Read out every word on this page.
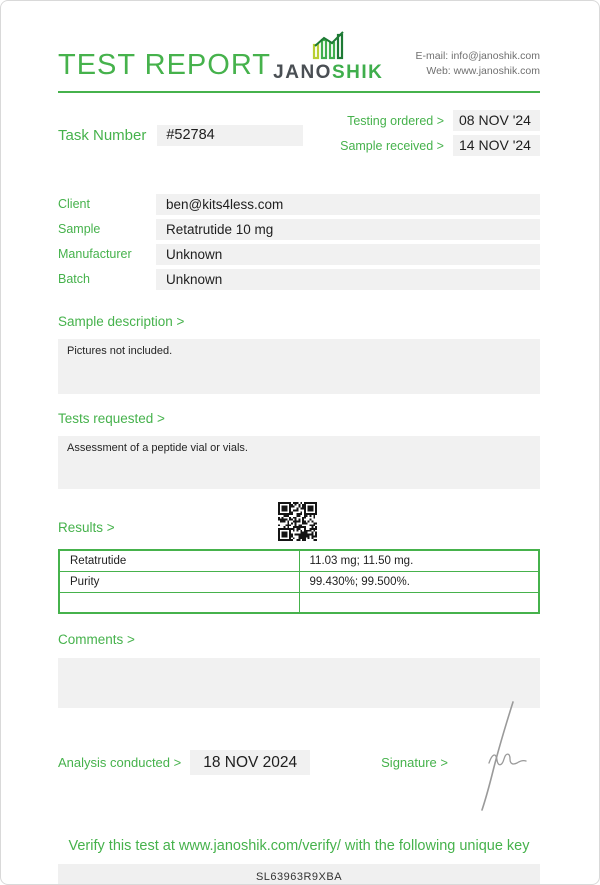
TEST REPORT JANOSHIK
E-mail: info@janoshik.com
Web: www.janoshik.com
Task Number	#52784
Testing ordered >	08 NOV '24
Sample received >	14 NOV '24
Client	ben@kits4less.com
Sample	Retatrutide 10 mg
Manufacturer	Unknown
Batch	Unknown
Sample description >
Pictures not included.
Tests requested >
Assessment of a peptide vial or vials.
Results >
Retatrutide	11.03 mg; 11.50 mg.
Purity	99.430%; 99.500%.

Comments >
Analysis conducted >	18 NOV 2024	Signature >
Verify this test at www.janoshik.com/verify/ with the following unique key
SL63963R9XBA
